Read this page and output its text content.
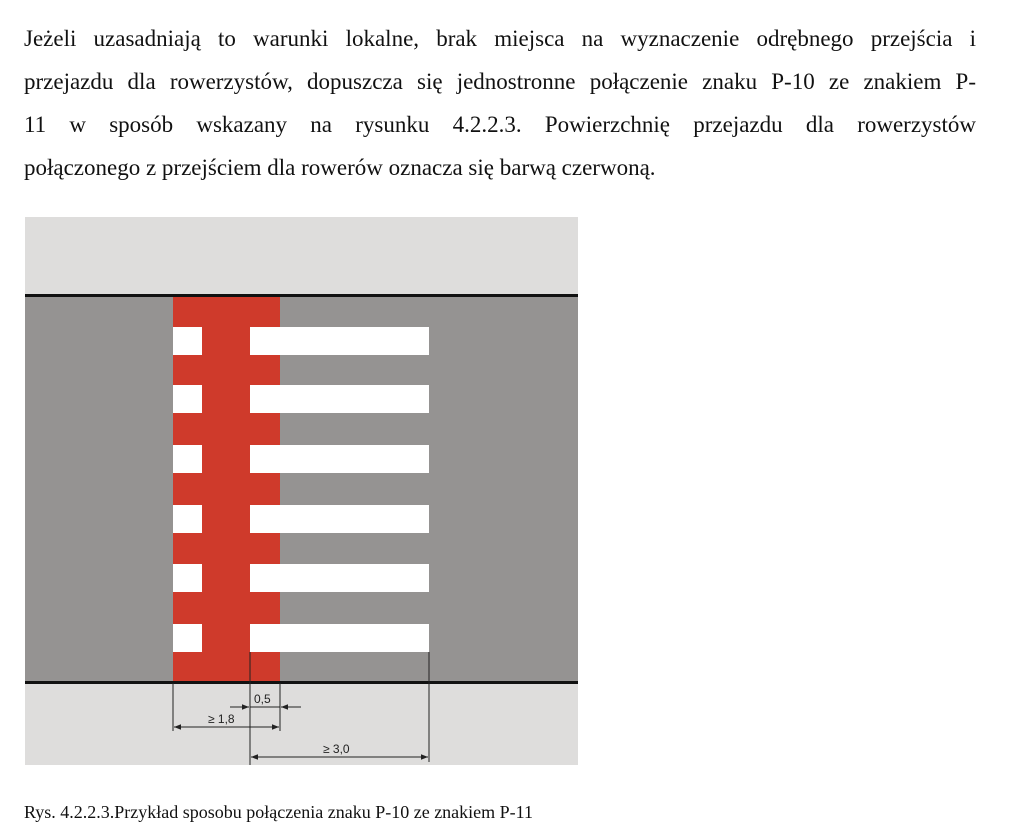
Jeżeli uzasadniają to warunki lokalne, brak miejsca na wyznaczenie odrębnego przejścia i
przejazdu dla rowerzystów, dopuszcza się jednostronne połączenie znaku P-10 ze znakiem P-
11 w sposób wskazany na rysunku 4.2.2.3. Powierzchnię przejazdu dla rowerzystów
połączonego z przejściem dla rowerów oznacza się barwą czerwoną.
0,5
≥ 1,8
≥ 3,0

Rys. 4.2.2.3.Przykład sposobu połączenia znaku P-10 ze znakiem P-11
